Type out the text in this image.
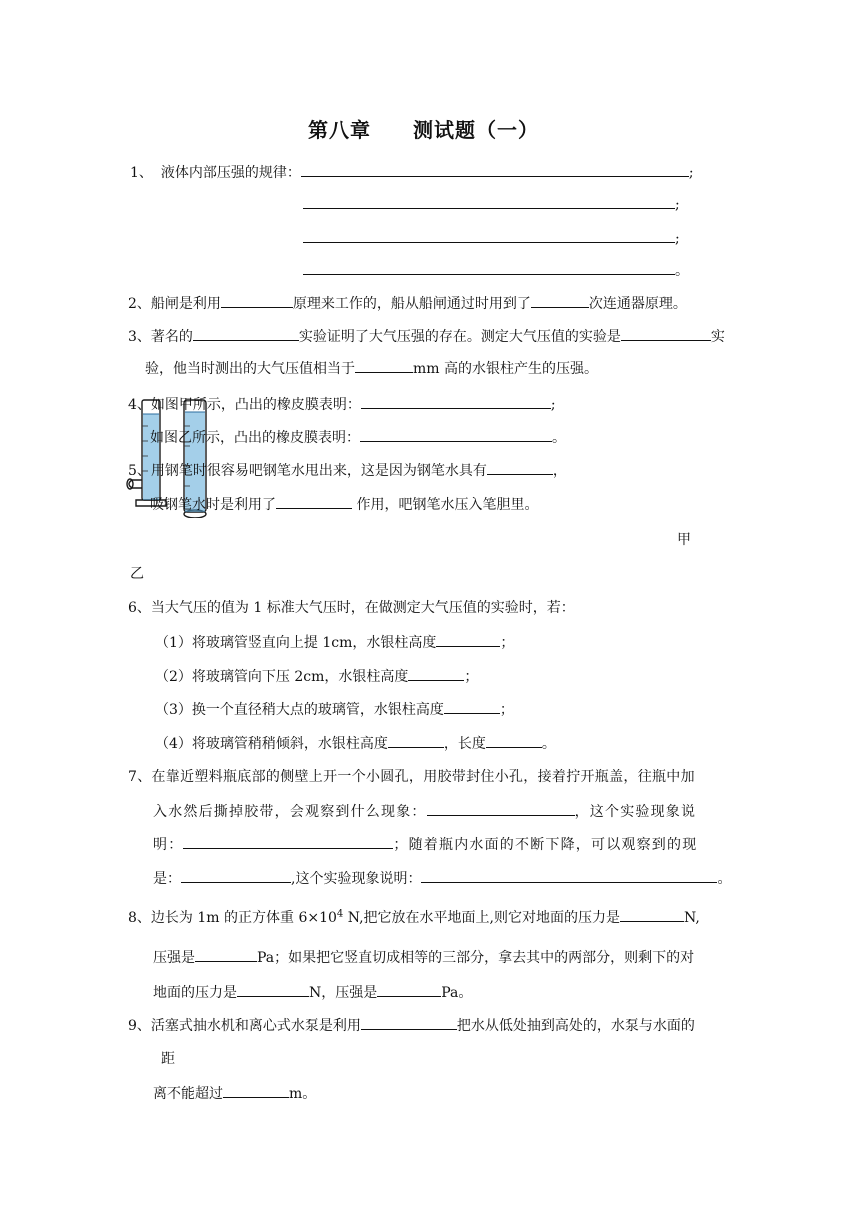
第八章　　测试题（一）
1、 液体内部压强的规律：	;
;
;
。
2、船闸是利用	原理来工作的，船从船闸通过时用到了	次连通器原理。
3、著名的	实验证明了大气压强的存在。测定大气压值的实验是	实
验，他当时测出的大气压值相当于	mm 高的水银柱产生的压强。
4、如图甲所示，凸出的橡皮膜表明：	;
如图乙所示，凸出的橡皮膜表明：	。
5、用钢笔时很容易吧钢笔水甩出来，这是因为钢笔水具有	，
吸钢笔水时是利用了	作用，吧钢笔水压入笔胆里。
甲
乙
6、当大气压的值为 1 标准大气压时，在做测定大气压值的实验时，若：
（1）将玻璃管竖直向上提 1cm，水银柱高度	；
（2）将玻璃管向下压 2cm，水银柱高度	；
（3）换一个直径稍大点的玻璃管，水银柱高度	；
（4）将玻璃管稍稍倾斜，水银柱高度	，长度	。
7、在靠近塑料瓶底部的侧壁上开一个小圆孔，用胶带封住小孔，接着拧开瓶盖，往瓶中加
入水然后撕掉胶带，会观察到什么现象：	，这个实验现象说
明：	；随着瓶内水面的不断下降，可以观察到的现
是：	,这个实验现象说明：	。
8、边长为 1m 的正方体重 $6\times 10^4$ N,把它放在水平地面上,则它对地面的压力是	N,
压强是	Pa；如果把它竖直切成相等的三部分，拿去其中的两部分，则剩下的对
地面的压力是	N，压强是	Pa。
9、活塞式抽水机和离心式水泵是利用	把水从低处抽到高处的，水泵与水面的
距
离不能超过	m。
